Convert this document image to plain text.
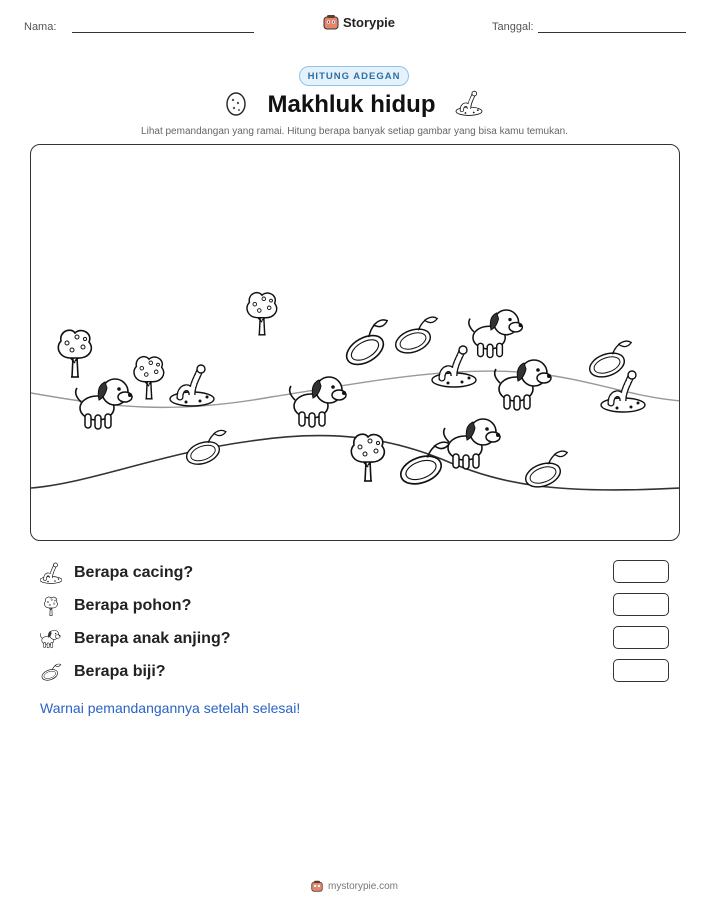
Nama:	Storypie	Tanggal:
HITUNG ADEGAN
Makhluk hidup
Lihat pemandangan yang ramai. Hitung berapa banyak setiap gambar yang bisa kamu temukan.
Berapa cacing?
Berapa pohon?
Berapa anak anjing?
Berapa biji?
Warnai pemandangannya setelah selesai!
mystorypie.com
